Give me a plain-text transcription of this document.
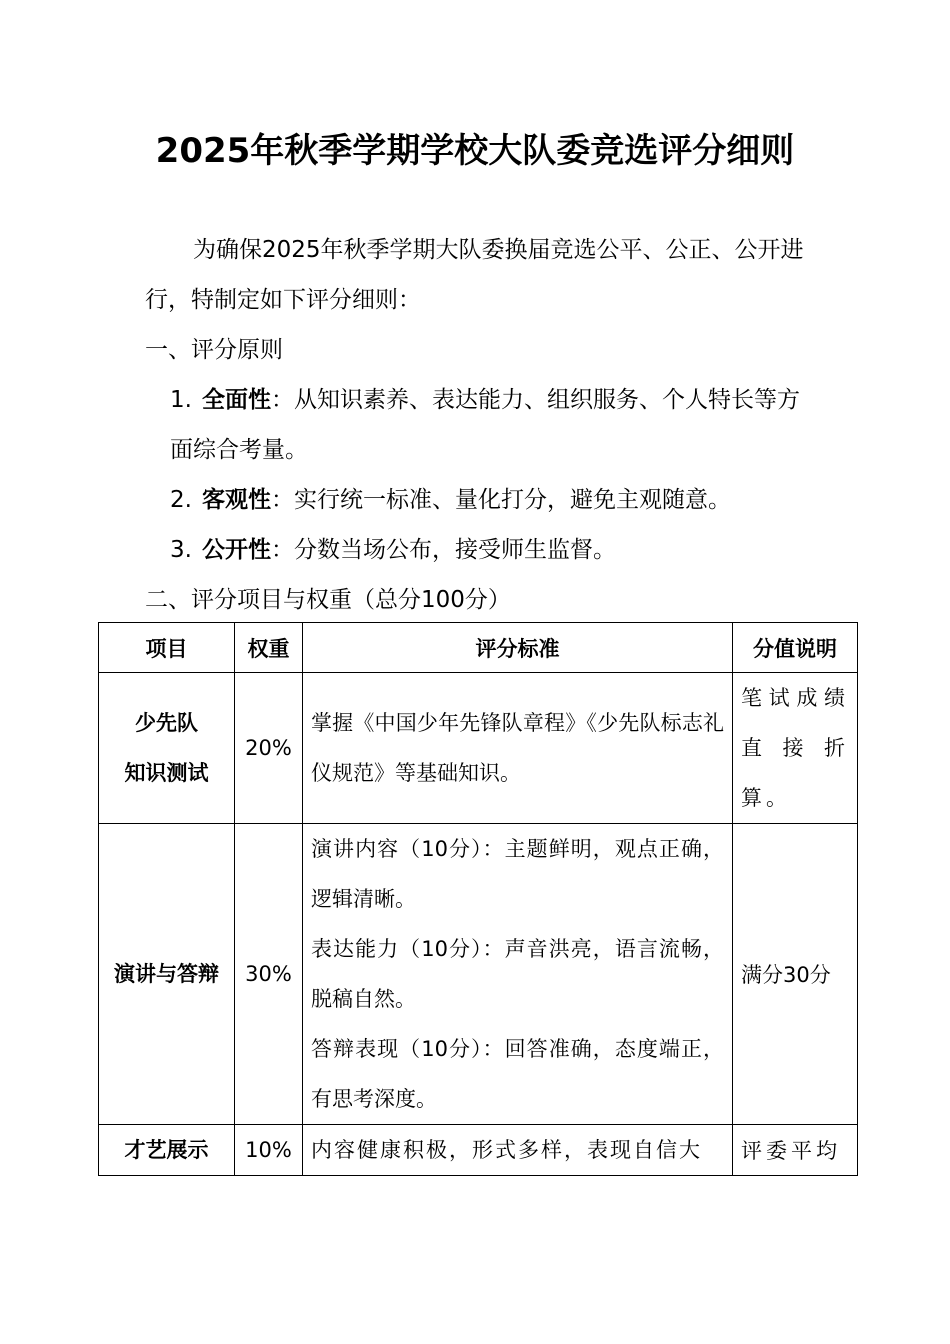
2025年秋季学期学校大队委竞选评分细则
为确保2025年秋季学期大队委换届竞选公平、公正、公开进行，特制定如下评分细则：
一、评分原则
1. 全面性：从知识素养、表达能力、组织服务、个人特长等方面综合考量。
2. 客观性：实行统一标准、量化打分，避免主观随意。
3. 公开性：分数当场公布，接受师生监督。
二、评分项目与权重（总分100分）
项目	权重	评分标准	分值说明

少先队
知识测试	20%	掌握《中国少年先锋队章程》《少先队标志礼仪规范》等基础知识。	笔试成绩直接折算。
演讲与答辩	30%	演讲内容（10分）：主题鲜明，观点正确，逻辑清晰。
表达能力（10分）：声音洪亮，语言流畅，脱稿自然。
答辩表现（10分）：回答准确，态度端正，有思考深度。	满分30分
才艺展示	10%	内容健康积极，形式多样，表现自信大	评委平均
